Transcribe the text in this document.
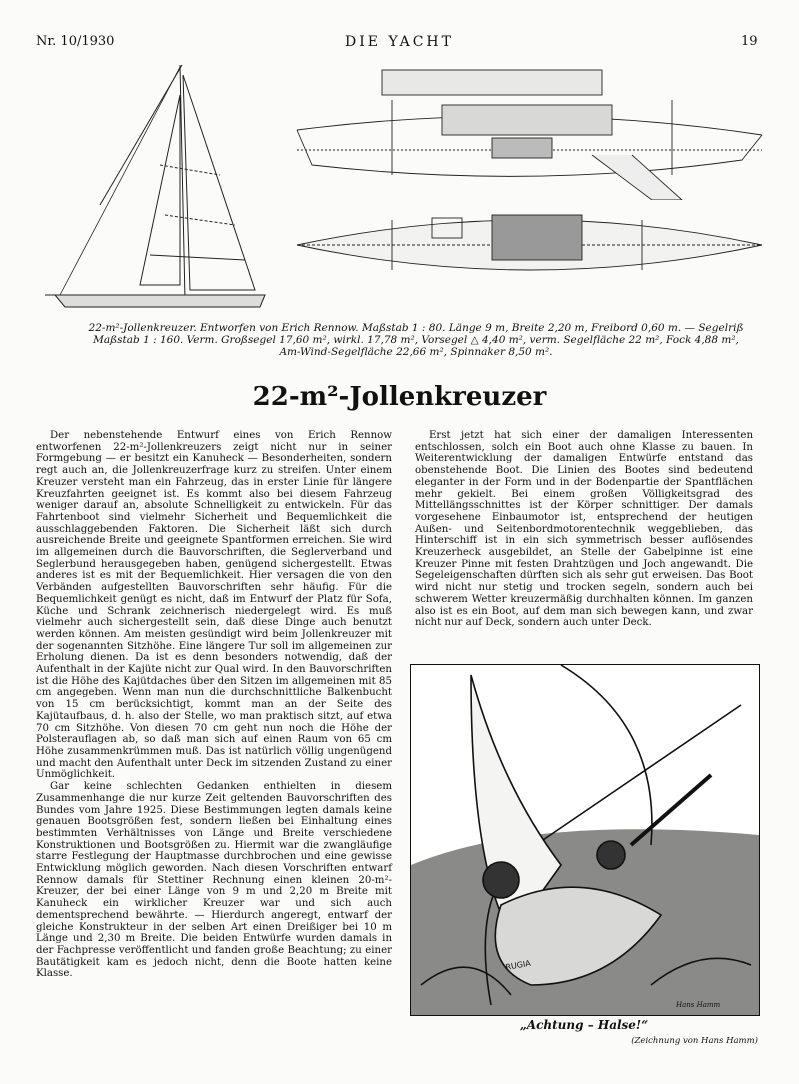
Nr. 10/1930	DIE YACHT	19
22-m²-Jollenkreuzer. Entworfen von Erich Rennow. Maßstab 1 : 80. Länge 9 m, Breite 2,20 m, Freibord 0,60 m. — Segelriß
Maßstab 1 : 160. Verm. Großsegel 17,60 m², wirkl. 17,78 m², Vorsegel △ 4,40 m², verm. Segelfläche 22 m², Fock 4,88 m²,
Am-Wind-Segelfläche 22,66 m², Spinnaker 8,50 m².
22-m²-Jollenkreuzer

Der nebenstehende Entwurf eines von Erich Rennow entworfenen 22-m²-Jollenkreuzers zeigt nicht nur in seiner Formgebung — er besitzt ein Kanuheck — Besonderheiten, sondern regt auch an, die Jollenkreuzerfrage kurz zu streifen. Unter einem Kreuzer versteht man ein Fahrzeug, das in erster Linie für längere Kreuzfahrten geeignet ist. Es kommt also bei diesem Fahrzeug weniger darauf an, absolute Schnelligkeit zu entwickeln. Für das Fahrtenboot sind vielmehr Sicherheit und Bequemlichkeit die ausschlaggebenden Faktoren. Die Sicherheit läßt sich durch ausreichende Breite und geeignete Spantformen erreichen. Sie wird im allgemeinen durch die Bauvorschriften, die Seglerverband und Seglerbund herausgegeben haben, genügend sichergestellt. Etwas anderes ist es mit der Bequemlichkeit. Hier versagen die von den Verbänden aufgestellten Bauvorschriften sehr häufig. Für die Bequemlichkeit genügt es nicht, daß im Entwurf der Platz für Sofa, Küche und Schrank zeichnerisch niedergelegt wird. Es muß vielmehr auch sichergestellt sein, daß diese Dinge auch benutzt werden können. Am meisten gesündigt wird beim Jollenkreuzer mit der sogenannten Sitzhöhe. Eine längere Tur soll im allgemeinen zur Erholung dienen. Da ist es denn besonders notwendig, daß der Aufenthalt in der Kajüte nicht zur Qual wird. In den Bauvorschriften ist die Höhe des Kajütdaches über den Sitzen im allgemeinen mit 85 cm angegeben. Wenn man nun die durchschnittliche Balkenbucht von 15 cm berücksichtigt, kommt man an der Seite des Kajütaufbaus, d. h. also der Stelle, wo man praktisch sitzt, auf etwa 70 cm Sitzhöhe. Von diesen 70 cm geht nun noch die Höhe der Polsterauflagen ab, so daß man sich auf einen Raum von 65 cm Höhe zusammenkrümmen muß. Das ist natürlich völlig ungenügend und macht den Aufenthalt unter Deck im sitzenden Zustand zu einer Unmöglichkeit.

Gar keine schlechten Gedanken enthielten in diesem Zusammenhange die nur kurze Zeit geltenden Bauvorschriften des Bundes vom Jahre 1925. Diese Bestimmungen legten damals keine genauen Bootsgrößen fest, sondern ließen bei Einhaltung eines bestimmten Verhältnisses von Länge und Breite verschiedene Konstruktionen und Bootsgrößen zu. Hiermit war die zwangläufige starre Festlegung der Hauptmasse durchbrochen und eine gewisse Entwicklung möglich geworden. Nach diesen Vorschriften entwarf Rennow damals für Stettiner Rechnung einen kleinen 20-m²-Kreuzer, der bei einer Länge von 9 m und 2,20 m Breite mit Kanuheck ein wirklicher Kreuzer war und sich auch dementsprechend bewährte. — Hierdurch angeregt, entwarf der gleiche Konstrukteur in der selben Art einen Dreißiger bei 10 m Länge und 2,30 m Breite. Die beiden Entwürfe wurden damals in der Fachpresse veröffentlicht und fanden große Beachtung; zu einer Bautätigkeit kam es jedoch nicht, denn die Boote hatten keine Klasse.

Erst jetzt hat sich einer der damaligen Interessenten entschlossen, solch ein Boot auch ohne Klasse zu bauen. In Weiterentwicklung der damaligen Entwürfe entstand das obenstehende Boot. Die Linien des Bootes sind bedeutend eleganter in der Form und in der Bodenpartie der Spantflächen mehr gekielt. Bei einem großen Völligkeitsgrad des Mittellängsschnittes ist der Körper schnittiger. Der damals vorgesehene Einbaumotor ist, entsprechend der heutigen Außen- und Seitenbordmotorentechnik weggeblieben, das Hinterschiff ist in ein sich symmetrisch besser auflösendes Kreuzerheck ausgebildet, an Stelle der Gabelpinne ist eine Kreuzer Pinne mit festen Drahtzügen und Joch angewandt. Die Segeleigenschaften dürften sich als sehr gut erweisen. Das Boot wird nicht nur stetig und trocken segeln, sondern auch bei schwerem Wetter kreuzermäßig durchhalten können. Im ganzen also ist es ein Boot, auf dem man sich bewegen kann, und zwar nicht nur auf Deck, sondern auch unter Deck.

RUGIA
Hans Hamm
„Achtung – Halse!“
(Zeichnung von Hans Hamm)
